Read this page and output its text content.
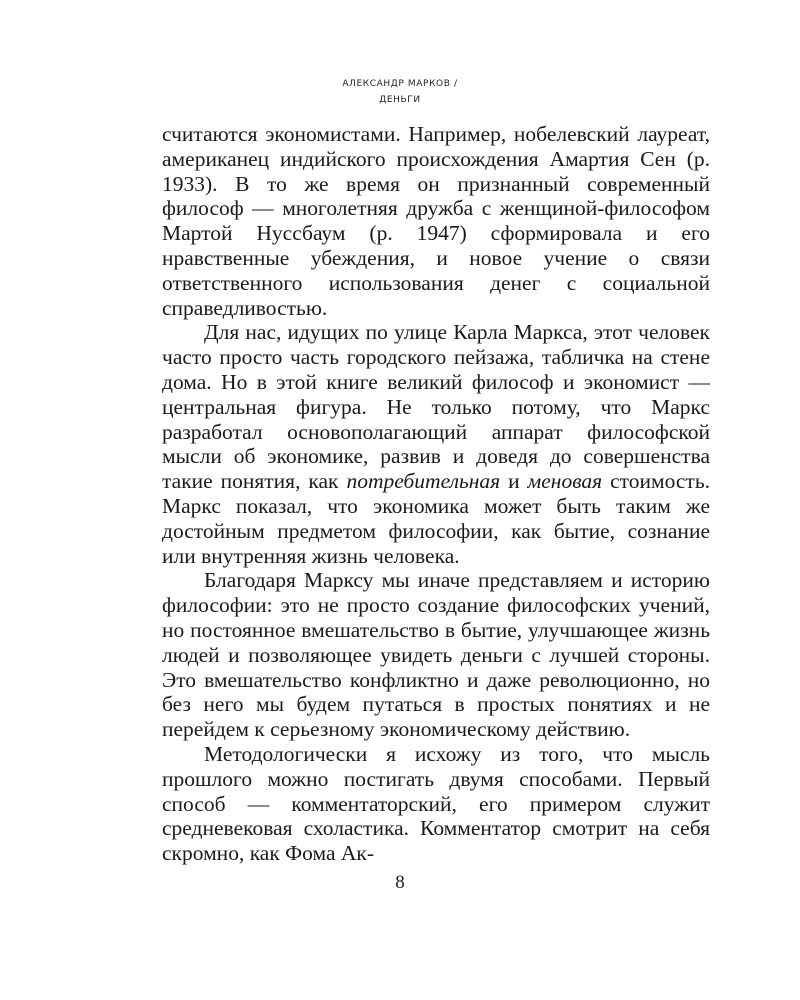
АЛЕКСАНДР МАРКОВ /
ДЕНЬГИ

считаются экономистами. Например, нобелевский лауреат, американец индийского происхождения Амартия Сен (р. 1933). В то же время он признанный современный философ — многолетняя дружба с женщиной-философом Мартой Нуссбаум (р. 1947) сформировала и его нравственные убеждения, и новое учение о связи ответственного использования денег с социальной справедливостью.

Для нас, идущих по улице Карла Маркса, этот человек часто просто часть городского пейзажа, табличка на стене дома. Но в этой книге великий философ и экономист — центральная фигура. Не только потому, что Маркс разработал основополагающий аппарат философской мысли об экономике, развив и доведя до совершенства такие понятия, как потребительная и меновая стоимость. Маркс показал, что экономика может быть таким же достойным предметом философии, как бытие, сознание или внутренняя жизнь человека.

Благодаря Марксу мы иначе представляем и историю философии: это не просто создание философских учений, но постоянное вмешательство в бытие, улучшающее жизнь людей и позволяющее увидеть деньги с лучшей стороны. Это вмешательство конфликтно и даже революционно, но без него мы будем путаться в простых понятиях и не перейдем к серьезному экономическому действию.

Методологически я исхожу из того, что мысль прошлого можно постигать двумя способами. Первый способ — комментаторский, его примером служит средневековая схоластика. Комментатор смотрит на себя скромно, как Фома Ак-

8
